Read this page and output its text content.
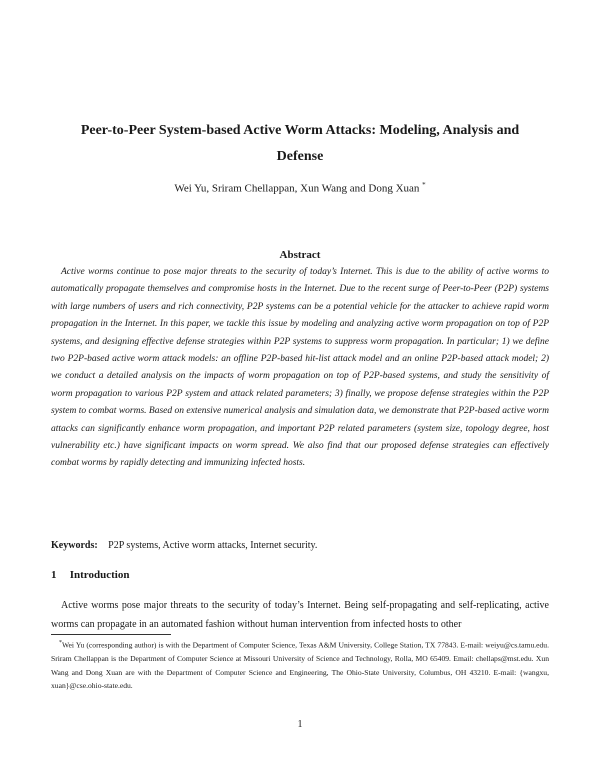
Peer-to-Peer System-based Active Worm Attacks: Modeling, Analysis and Defense
Wei Yu, Sriram Chellappan, Xun Wang and Dong Xuan *
Abstract
Active worms continue to pose major threats to the security of today’s Internet. This is due to the ability of active worms to automatically propagate themselves and compromise hosts in the Internet. Due to the recent surge of Peer-to-Peer (P2P) systems with large numbers of users and rich connectivity, P2P systems can be a potential vehicle for the attacker to achieve rapid worm propagation in the Internet. In this paper, we tackle this issue by modeling and analyzing active worm propagation on top of P2P systems, and designing effective defense strategies within P2P systems to suppress worm propagation. In particular; 1) we define two P2P-based active worm attack models: an offline P2P-based hit-list attack model and an online P2P-based attack model; 2) we conduct a detailed analysis on the impacts of worm propagation on top of P2P-based systems, and study the sensitivity of worm propagation to various P2P system and attack related parameters; 3) finally, we propose defense strategies within the P2P system to combat worms. Based on extensive numerical analysis and simulation data, we demonstrate that P2P-based active worm attacks can significantly enhance worm propagation, and important P2P related parameters (system size, topology degree, host vulnerability etc.) have significant impacts on worm spread. We also find that our proposed defense strategies can effectively combat worms by rapidly detecting and immunizing infected hosts.
Keywords: P2P systems, Active worm attacks, Internet security.
1 Introduction
Active worms pose major threats to the security of today’s Internet. Being self-propagating and self-replicating, active worms can propagate in an automated fashion without human intervention from infected hosts to other
*Wei Yu (corresponding author) is with the Department of Computer Science, Texas A&M University, College Station, TX 77843. E-mail: weiyu@cs.tamu.edu. Sriram Chellappan is the Department of Computer Science at Missouri University of Science and Technology, Rolla, MO 65409. Email: chellaps@mst.edu. Xun Wang and Dong Xuan are with the Department of Computer Science and Engineering, The Ohio-State University, Columbus, OH 43210. E-mail: {wangxu, xuan}@cse.ohio-state.edu.
1
